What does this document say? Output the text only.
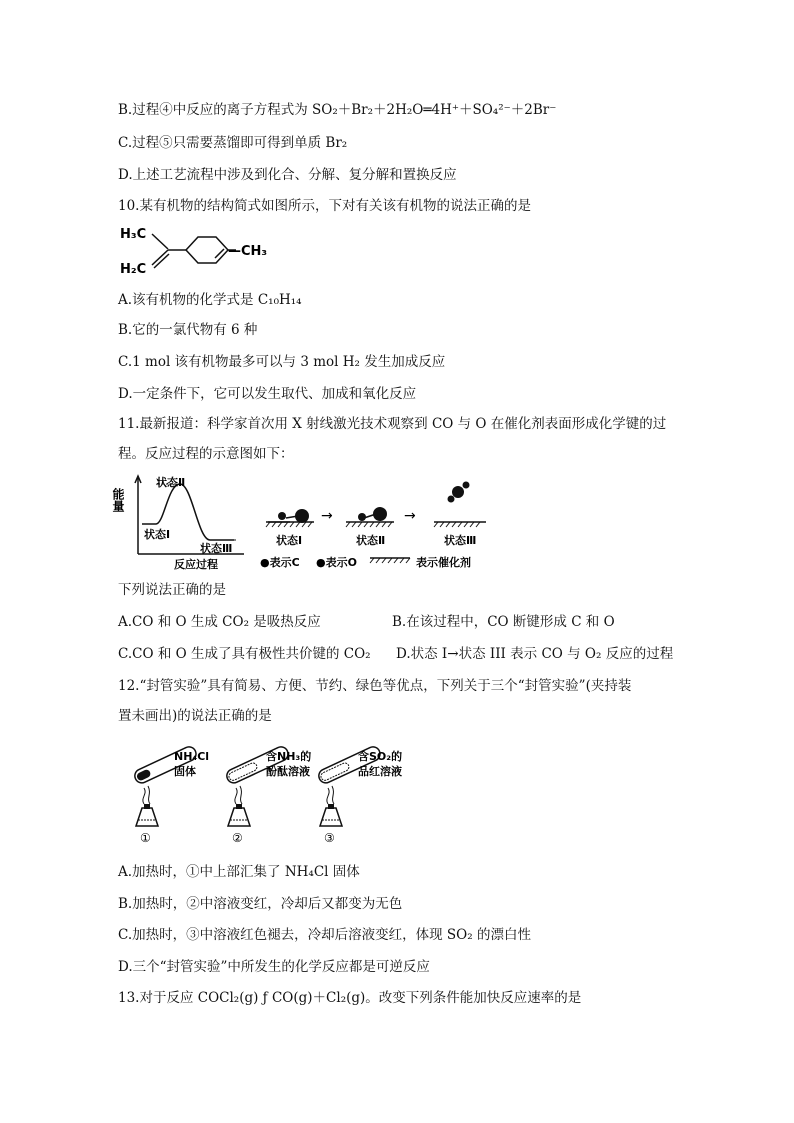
B.过程④中反应的离子方程式为 SO₂＋Br₂＋2H₂O═4H⁺＋SO₄²⁻＋2Br⁻
C.过程⑤只需要蒸馏即可得到单质 Br₂
D.上述工艺流程中涉及到化合、分解、复分解和置换反应
10.某有机物的结构简式如图所示，下对有关该有机物的说法正确的是
H₃C
H₂C
—CH₃
A.该有机物的化学式是 C₁₀H₁₄
B.它的一氯代物有 6 种
C.1 mol 该有机物最多可以与 3 mol H₂ 发生加成反应
D.一定条件下，它可以发生取代、加成和氧化反应
11.最新报道：科学家首次用 X 射线激光技术观察到 CO 与 O 在催化剂表面形成化学键的过
程。反应过程的示意图如下：
能量
状态Ⅱ
状态Ⅰ
状态Ⅲ
反应过程
状态Ⅰ
→
状态Ⅱ
→
状态Ⅲ
●表示C ●表示O	表示催化剂
下列说法正确的是
A.CO 和 O 生成 CO₂ 是吸热反应	B.在该过程中，CO 断键形成 C 和 O
C.CO 和 O 生成了具有极性共价键的 CO₂ D.状态 I→状态 III 表示 CO 与 O₂ 反应的过程
12.“封管实验”具有简易、方便、节约、绿色等优点，下列关于三个“封管实验”(夹持装
置未画出)的说法正确的是
NH₄Cl
固体
①
含NH₃的
酚酞溶液
②
含SO₂的
品红溶液
③
A.加热时，①中上部汇集了 NH₄Cl 固体
B.加热时，②中溶液变红，冷却后又都变为无色
C.加热时，③中溶液红色褪去，冷却后溶液变红，体现 SO₂ 的漂白性
D.三个“封管实验”中所发生的化学反应都是可逆反应
13.对于反应 COCl₂(g) ƒ CO(g)＋Cl₂(g)。改变下列条件能加快反应速率的是
